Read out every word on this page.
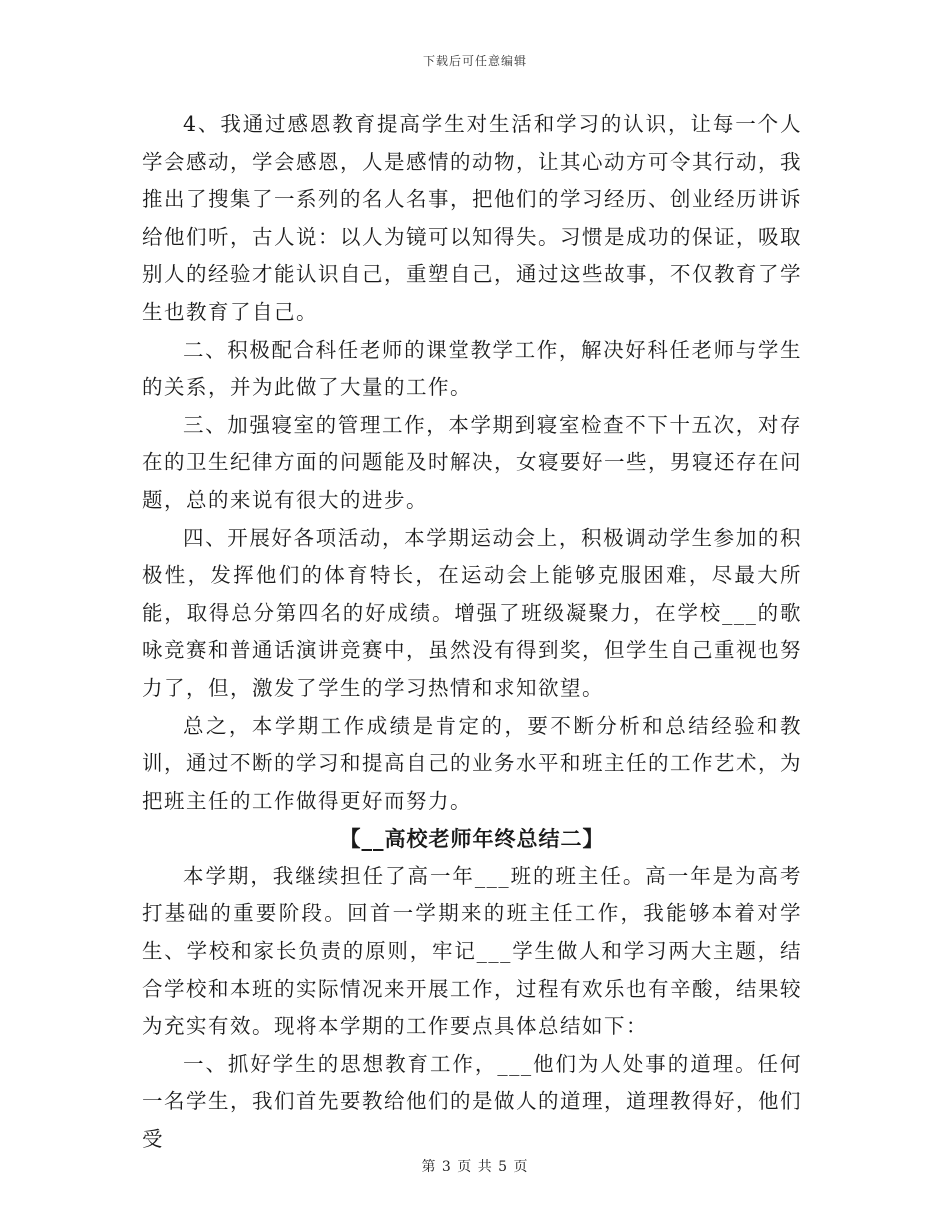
下载后可任意编辑

4、我通过感恩教育提高学生对生活和学习的认识，让每一个人学会感动，学会感恩，人是感情的动物，让其心动方可令其行动，我推出了搜集了一系列的名人名事，把他们的学习经历、创业经历讲诉给他们听，古人说：以人为镜可以知得失。习惯是成功的保证，吸取别人的经验才能认识自己，重塑自己，通过这些故事，不仅教育了学生也教育了自己。

二、积极配合科任老师的课堂教学工作，解决好科任老师与学生的关系，并为此做了大量的工作。

三、加强寝室的管理工作，本学期到寝室检查不下十五次，对存在的卫生纪律方面的问题能及时解决，女寝要好一些，男寝还存在问题，总的来说有很大的进步。

四、开展好各项活动，本学期运动会上，积极调动学生参加的积极性，发挥他们的体育特长，在运动会上能够克服困难，尽最大所能，取得总分第四名的好成绩。增强了班级凝聚力，在学校___的歌咏竞赛和普通话演讲竞赛中，虽然没有得到奖，但学生自己重视也努力了，但，激发了学生的学习热情和求知欲望。

总之，本学期工作成绩是肯定的，要不断分析和总结经验和教训，通过不断的学习和提高自己的业务水平和班主任的工作艺术，为把班主任的工作做得更好而努力。

【__高校老师年终总结二】

本学期，我继续担任了高一年___班的班主任。高一年是为高考打基础的重要阶段。回首一学期来的班主任工作，我能够本着对学生、学校和家长负责的原则，牢记___学生做人和学习两大主题，结合学校和本班的实际情况来开展工作，过程有欢乐也有辛酸，结果较为充实有效。现将本学期的工作要点具体总结如下：

一、抓好学生的思想教育工作，___他们为人处事的道理。任何一名学生，我们首先要教给他们的是做人的道理，道理教得好，他们受

第 3 页 共 5 页
